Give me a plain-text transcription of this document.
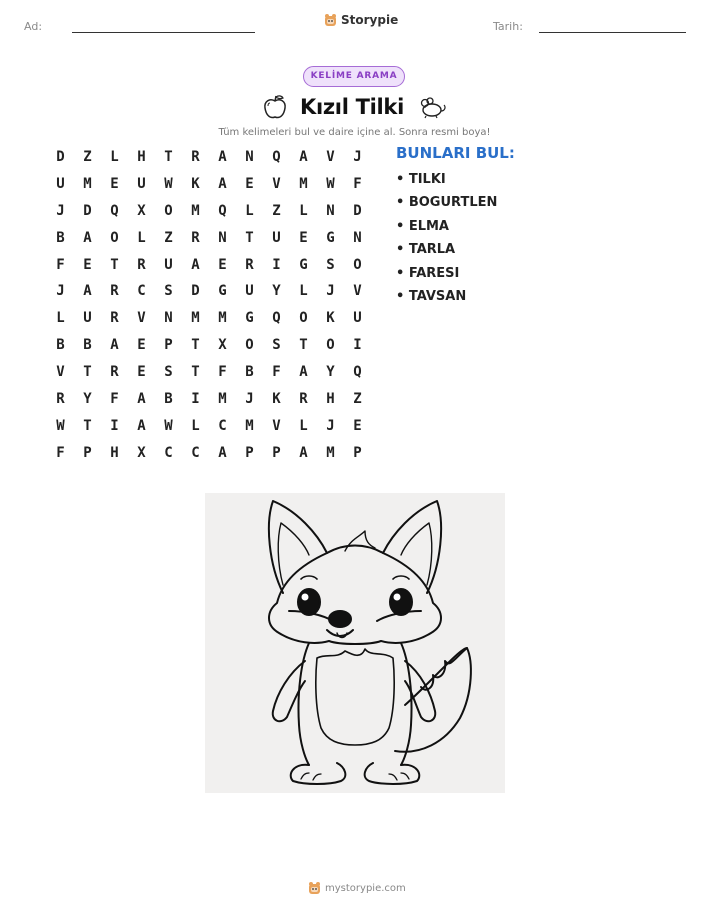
Ad:	Storypie	Tarih:
KELİME ARAMA
Kızıl Tilki
Tüm kelimeleri bul ve daire içine al. Sonra resmi boya!
D	Z	L	H	T	R	A	N	Q	A	V	J
U	M	E	U	W	K	A	E	V	M	W	F
J	D	Q	X	O	M	Q	L	Z	L	N	D
B	A	O	L	Z	R	N	T	U	E	G	N
F	E	T	R	U	A	E	R	I	G	S	O
J	A	R	C	S	D	G	U	Y	L	J	V
L	U	R	V	N	M	M	G	Q	O	K	U
B	B	A	E	P	T	X	O	S	T	O	I
V	T	R	E	S	T	F	B	F	A	Y	Q
R	Y	F	A	B	I	M	J	K	R	H	Z
W	T	I	A	W	L	C	M	V	L	J	E
F	P	H	X	C	C	A	P	P	A	M	P
BUNLARI BUL:
• TILKI
• BOGURTLEN
• ELMA
• TARLA
• FARESI
• TAVSAN
mystorypie.com
